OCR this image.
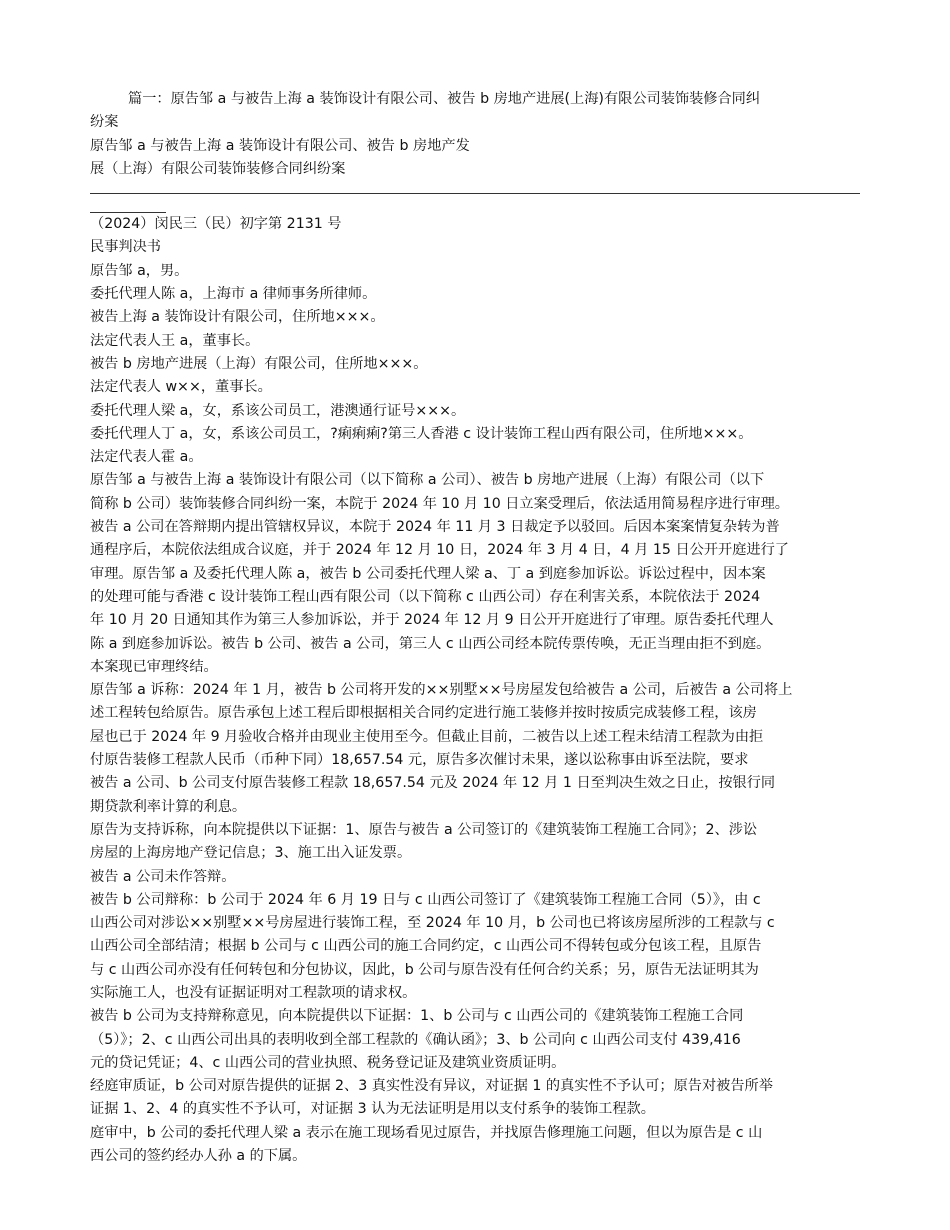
篇一：原告邹 a 与被告上海 a 装饰设计有限公司、被告 b 房地产进展(上海)有限公司装饰装修合同纠
纷案
原告邹 a 与被告上海 a 装饰设计有限公司、被告 b 房地产发
展（上海）有限公司装饰装修合同纠纷案
（2024）闵民三（民）初字第 2131 号
民事判决书
原告邹 a，男。
委托代理人陈 a，上海市 a 律师事务所律师。
被告上海 a 装饰设计有限公司，住所地×××。
法定代表人王 a，董事长。
被告 b 房地产进展（上海）有限公司，住所地×××。
法定代表人 w××，董事长。
委托代理人梁 a，女，系该公司员工，港澳通行证号×××。
委托代理人丁 a，女，系该公司员工，?痢痢痢?第三人香港 c 设计装饰工程山西有限公司，住所地×××。
法定代表人霍 a。
原告邹 a 与被告上海 a 装饰设计有限公司（以下简称 a 公司）、被告 b 房地产进展（上海）有限公司（以下
简称 b 公司）装饰装修合同纠纷一案，本院于 2024 年 10 月 10 日立案受理后，依法适用简易程序进行审理。
被告 a 公司在答辩期内提出管辖权异议，本院于 2024 年 11 月 3 日裁定予以驳回。后因本案案情复杂转为普
通程序后，本院依法组成合议庭，并于 2024 年 12 月 10 日，2024 年 3 月 4 日，4 月 15 日公开开庭进行了
审理。原告邹 a 及委托代理人陈 a，被告 b 公司委托代理人梁 a、丁 a 到庭参加诉讼。诉讼过程中，因本案
的处理可能与香港 c 设计装饰工程山西有限公司（以下简称 c 山西公司）存在利害关系，本院依法于 2024
年 10 月 20 日通知其作为第三人参加诉讼，并于 2024 年 12 月 9 日公开开庭进行了审理。原告委托代理人
陈 a 到庭参加诉讼。被告 b 公司、被告 a 公司，第三人 c 山西公司经本院传票传唤，无正当理由拒不到庭。
本案现已审理终结。
原告邹 a 诉称：2024 年 1 月，被告 b 公司将开发的××别墅××号房屋发包给被告 a 公司，后被告 a 公司将上
述工程转包给原告。原告承包上述工程后即根据相关合同约定进行施工装修并按时按质完成装修工程，该房
屋也已于 2024 年 9 月验收合格并由现业主使用至今。但截止目前，二被告以上述工程未结清工程款为由拒
付原告装修工程款人民币（币种下同）18,657.54 元，原告多次催讨未果，遂以讼称事由诉至法院，要求
被告 a 公司、b 公司支付原告装修工程款 18,657.54 元及 2024 年 12 月 1 日至判决生效之日止，按银行同
期贷款利率计算的利息。
原告为支持诉称，向本院提供以下证据：1、原告与被告 a 公司签订的《建筑装饰工程施工合同》；2、涉讼
房屋的上海房地产登记信息；3、施工出入证发票。
被告 a 公司未作答辩。
被告 b 公司辩称：b 公司于 2024 年 6 月 19 日与 c 山西公司签订了《建筑装饰工程施工合同（5）》，由 c
山西公司对涉讼××别墅××号房屋进行装饰工程，至 2024 年 10 月，b 公司也已将该房屋所涉的工程款与 c
山西公司全部结清；根据 b 公司与 c 山西公司的施工合同约定，c 山西公司不得转包或分包该工程，且原告
与 c 山西公司亦没有任何转包和分包协议，因此，b 公司与原告没有任何合约关系；另，原告无法证明其为
实际施工人，也没有证据证明对工程款项的请求权。
被告 b 公司为支持辩称意见，向本院提供以下证据：1、b 公司与 c 山西公司的《建筑装饰工程施工合同
（5）》；2、c 山西公司出具的表明收到全部工程款的《确认函》；3、b 公司向 c 山西公司支付 439,416
元的贷记凭证；4、c 山西公司的营业执照、税务登记证及建筑业资质证明。
经庭审质证，b 公司对原告提供的证据 2、3 真实性没有异议，对证据 1 的真实性不予认可；原告对被告所举
证据 1、2、4 的真实性不予认可，对证据 3 认为无法证明是用以支付系争的装饰工程款。
庭审中，b 公司的委托代理人梁 a 表示在施工现场看见过原告，并找原告修理施工问题，但以为原告是 c 山
西公司的签约经办人孙 a 的下属。
